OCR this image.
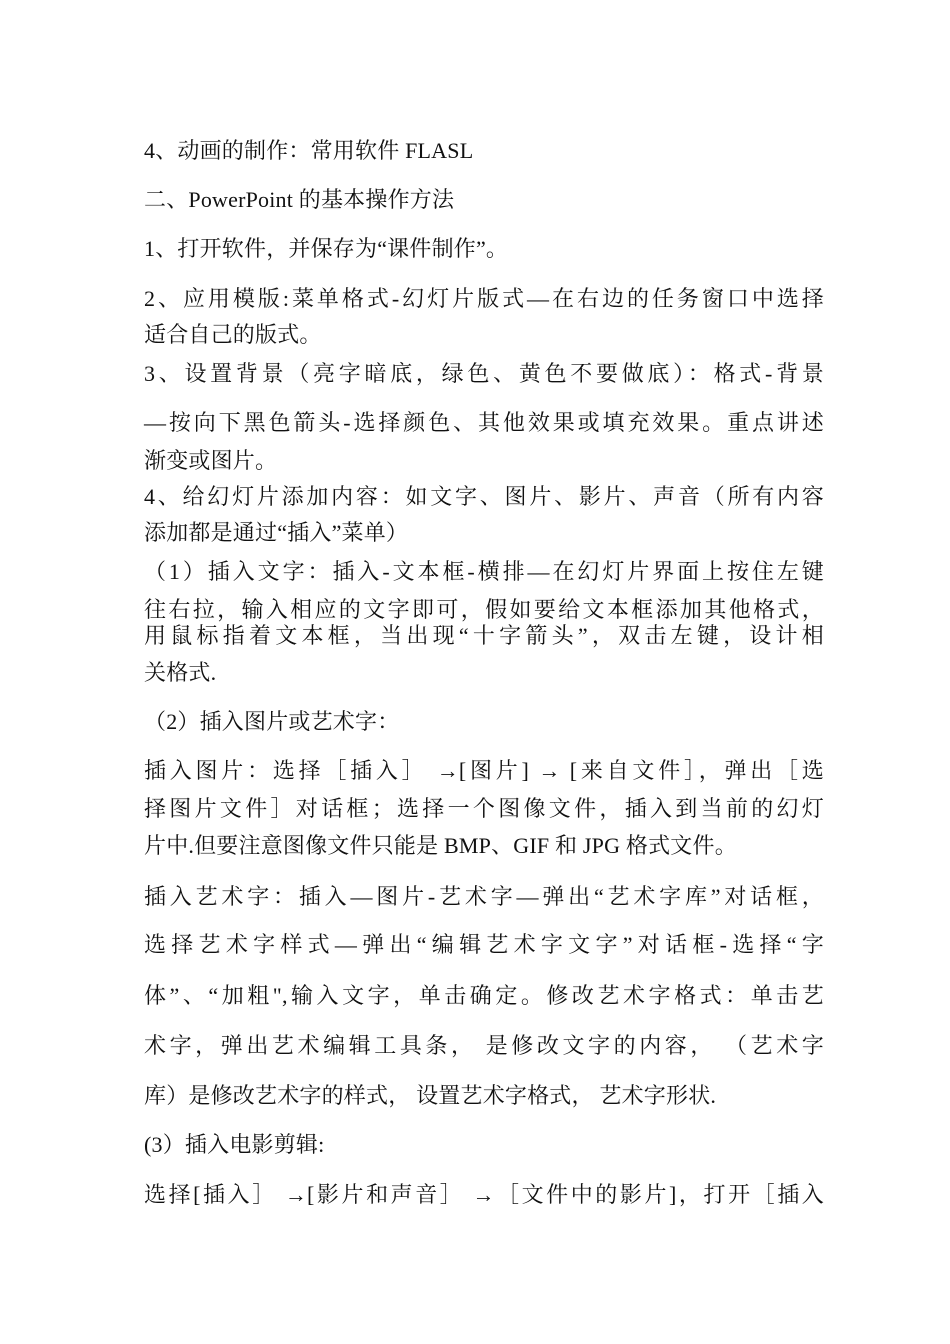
4、动画的制作：常用软件 FLASL
二、PowerPoint 的基本操作方法
1、打开软件，并保存为“课件制作”。
2、应用模版:菜单格式-幻灯片版式—在右边的任务窗口中选择
适合自己的版式。
3、设置背景（亮字暗底，绿色、黄色不要做底）：格式-背景
—按向下黑色箭头-选择颜色、其他效果或填充效果。重点讲述
渐变或图片。
4、给幻灯片添加内容：如文字、图片、影片、声音（所有内容
添加都是通过“插入”菜单）
（1）插入文字：插入-文本框-横排—在幻灯片界面上按住左键
往右拉，输入相应的文字即可，假如要给文本框添加其他格式，
用鼠标指着文本框，当出现“十字箭头”，双击左键，设计相
关格式.
（2）插入图片或艺术字：
插入图片：选择［插入］ →[图片] → [来自文件］，弹出［选
择图片文件］对话框；选择一个图像文件，插入到当前的幻灯
片中.但要注意图像文件只能是 BMP、GIF 和 JPG 格式文件。
插入艺术字：插入—图片-艺术字—弹出“艺术字库”对话框，
选择艺术字样式—弹出“编辑艺术字文字”对话框-选择“字
体”、“加粗",输入文字，单击确定。修改艺术字格式：单击艺
术字，弹出艺术编辑工具条， 是修改文字的内容， （艺术字
库）是修改艺术字的样式， 设置艺术字格式， 艺术字形状.
(3）插入电影剪辑:
选择[插入］ →[影片和声音］ →［文件中的影片]，打开［插入
